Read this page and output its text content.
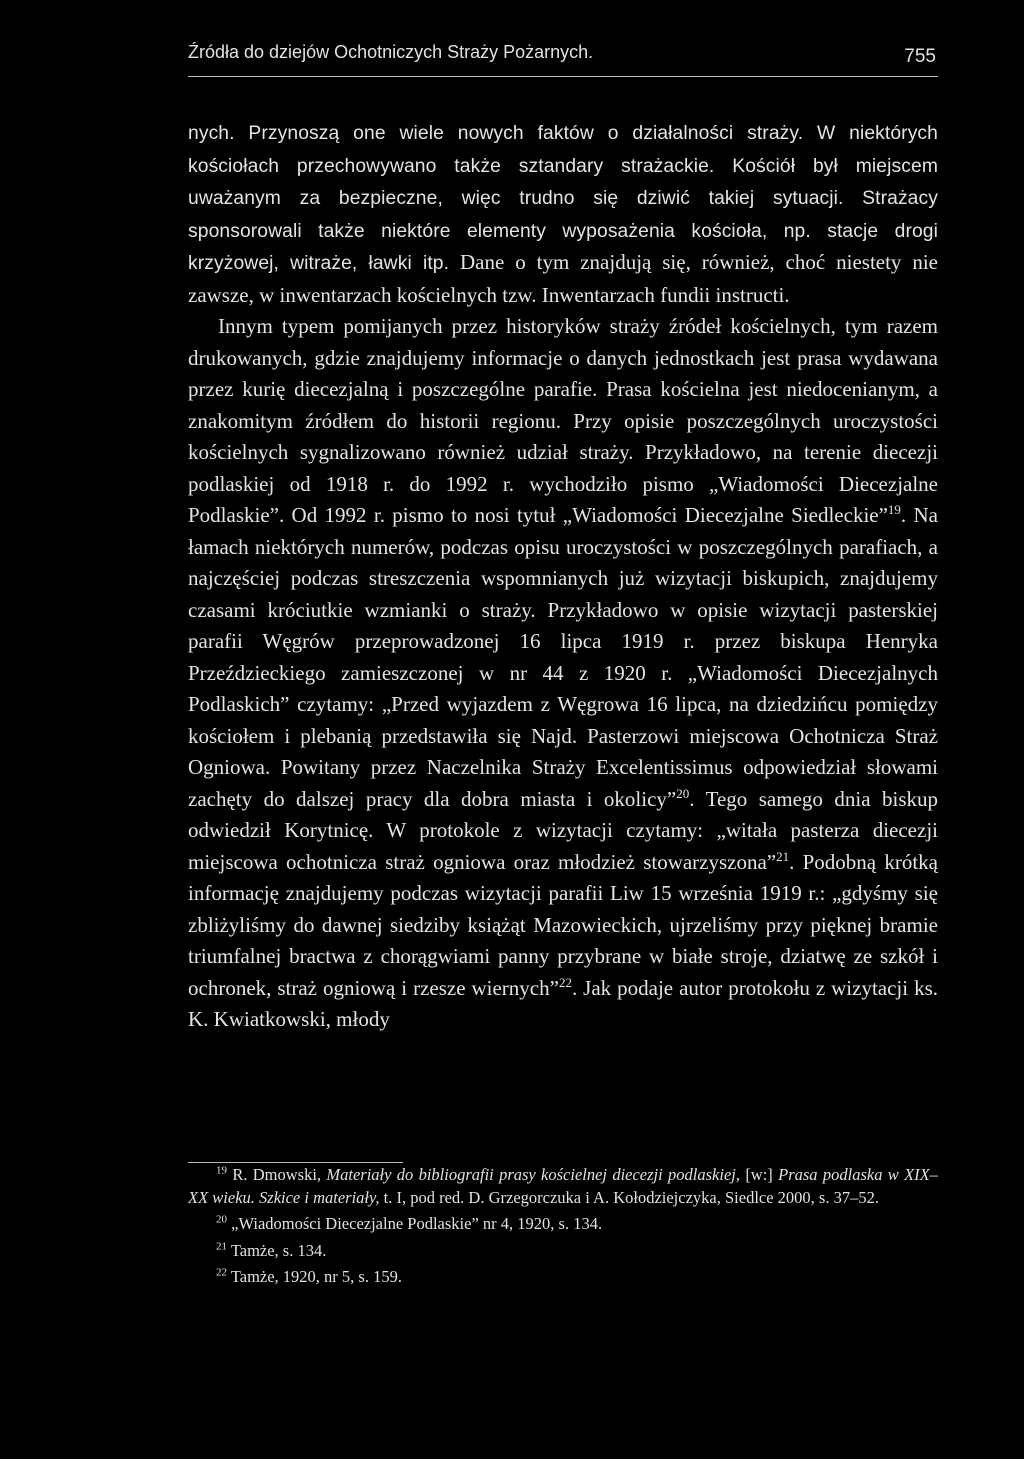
Źródła do dziejów Ochotniczych Straży Pożarnych.	755

nych. Przynoszą one wiele nowych faktów o działalności straży. W niektórych kościołach przechowywano także sztandary strażackie. Kościół był miejscem uważanym za bezpieczne, więc trudno się dziwić takiej sytuacji. Strażacy sponsorowali także niektóre elementy wyposażenia kościoła, np. stacje drogi krzyżowej, witraże, ławki itp. Dane o tym znajdują się, również, choć niestety nie zawsze, w inwentarzach kościelnych tzw. Inwentarzach fundii instructi.

Innym typem pomijanych przez historyków straży źródeł kościelnych, tym razem drukowanych, gdzie znajdujemy informacje o danych jednostkach jest prasa wydawana przez kurię diecezjalną i poszczególne parafie. Prasa kościelna jest niedocenianym, a znakomitym źródłem do historii regionu. Przy opisie poszczególnych uroczystości kościelnych sygnalizowano również udział straży. Przykładowo, na terenie diecezji podlaskiej od 1918 r. do 1992 r. wychodziło pismo „Wiadomości Diecezjalne Podlaskie”. Od 1992 r. pismo to nosi tytuł „Wiadomości Diecezjalne Siedleckie”$^{19}$. Na łamach niektórych numerów, podczas opisu uroczystości w poszczególnych parafiach, a najczęściej podczas streszczenia wspomnianych już wizytacji biskupich, znajdujemy czasami króciutkie wzmianki o straży. Przykładowo w opisie wizytacji pasterskiej parafii Węgrów przeprowadzonej 16 lipca 1919 r. przez biskupa Henryka Przeździeckiego zamieszczonej w nr 44 z 1920 r. „Wiadomości Diecezjalnych Podlaskich” czytamy: „Przed wyjazdem z Węgrowa 16 lipca, na dziedzińcu pomiędzy kościołem i plebanią przedstawiła się Najd. Pasterzowi miejscowa Ochotnicza Straż Ogniowa. Powitany przez Naczelnika Straży Excelentissimus odpowiedział słowami zachęty do dalszej pracy dla dobra miasta i okolicy”$^{20}$. Tego samego dnia biskup odwiedził Korytnicę. W protokole z wizytacji czytamy: „witała pasterza diecezji miejscowa ochotnicza straż ogniowa oraz młodzież stowarzyszona”$^{21}$. Podobną krótką informację znajdujemy podczas wizytacji parafii Liw 15 września 1919 r.: „gdyśmy się zbliżyliśmy do dawnej siedziby książąt Mazowieckich, ujrzeliśmy przy pięknej bramie triumfalnej bractwa z chorągwiami panny przybrane w białe stroje, dziatwę ze szkół i ochronek, straż ogniową i rzesze wiernych”$^{22}$. Jak podaje autor protokołu z wizytacji ks. K. Kwiatkowski, młody

$^{19}$ R. Dmowski, Materiały do bibliografii prasy kościelnej diecezji podlaskiej, [w:] Prasa podlaska w XIX–XX wieku. Szkice i materiały, t. I, pod red. D. Grzegorczuka i A. Kołodziejczyka, Siedlce 2000, s. 37–52.

$^{20}$ „Wiadomości Diecezjalne Podlaskie” nr 4, 1920, s. 134.

$^{21}$ Tamże, s. 134.

$^{22}$ Tamże, 1920, nr 5, s. 159.
